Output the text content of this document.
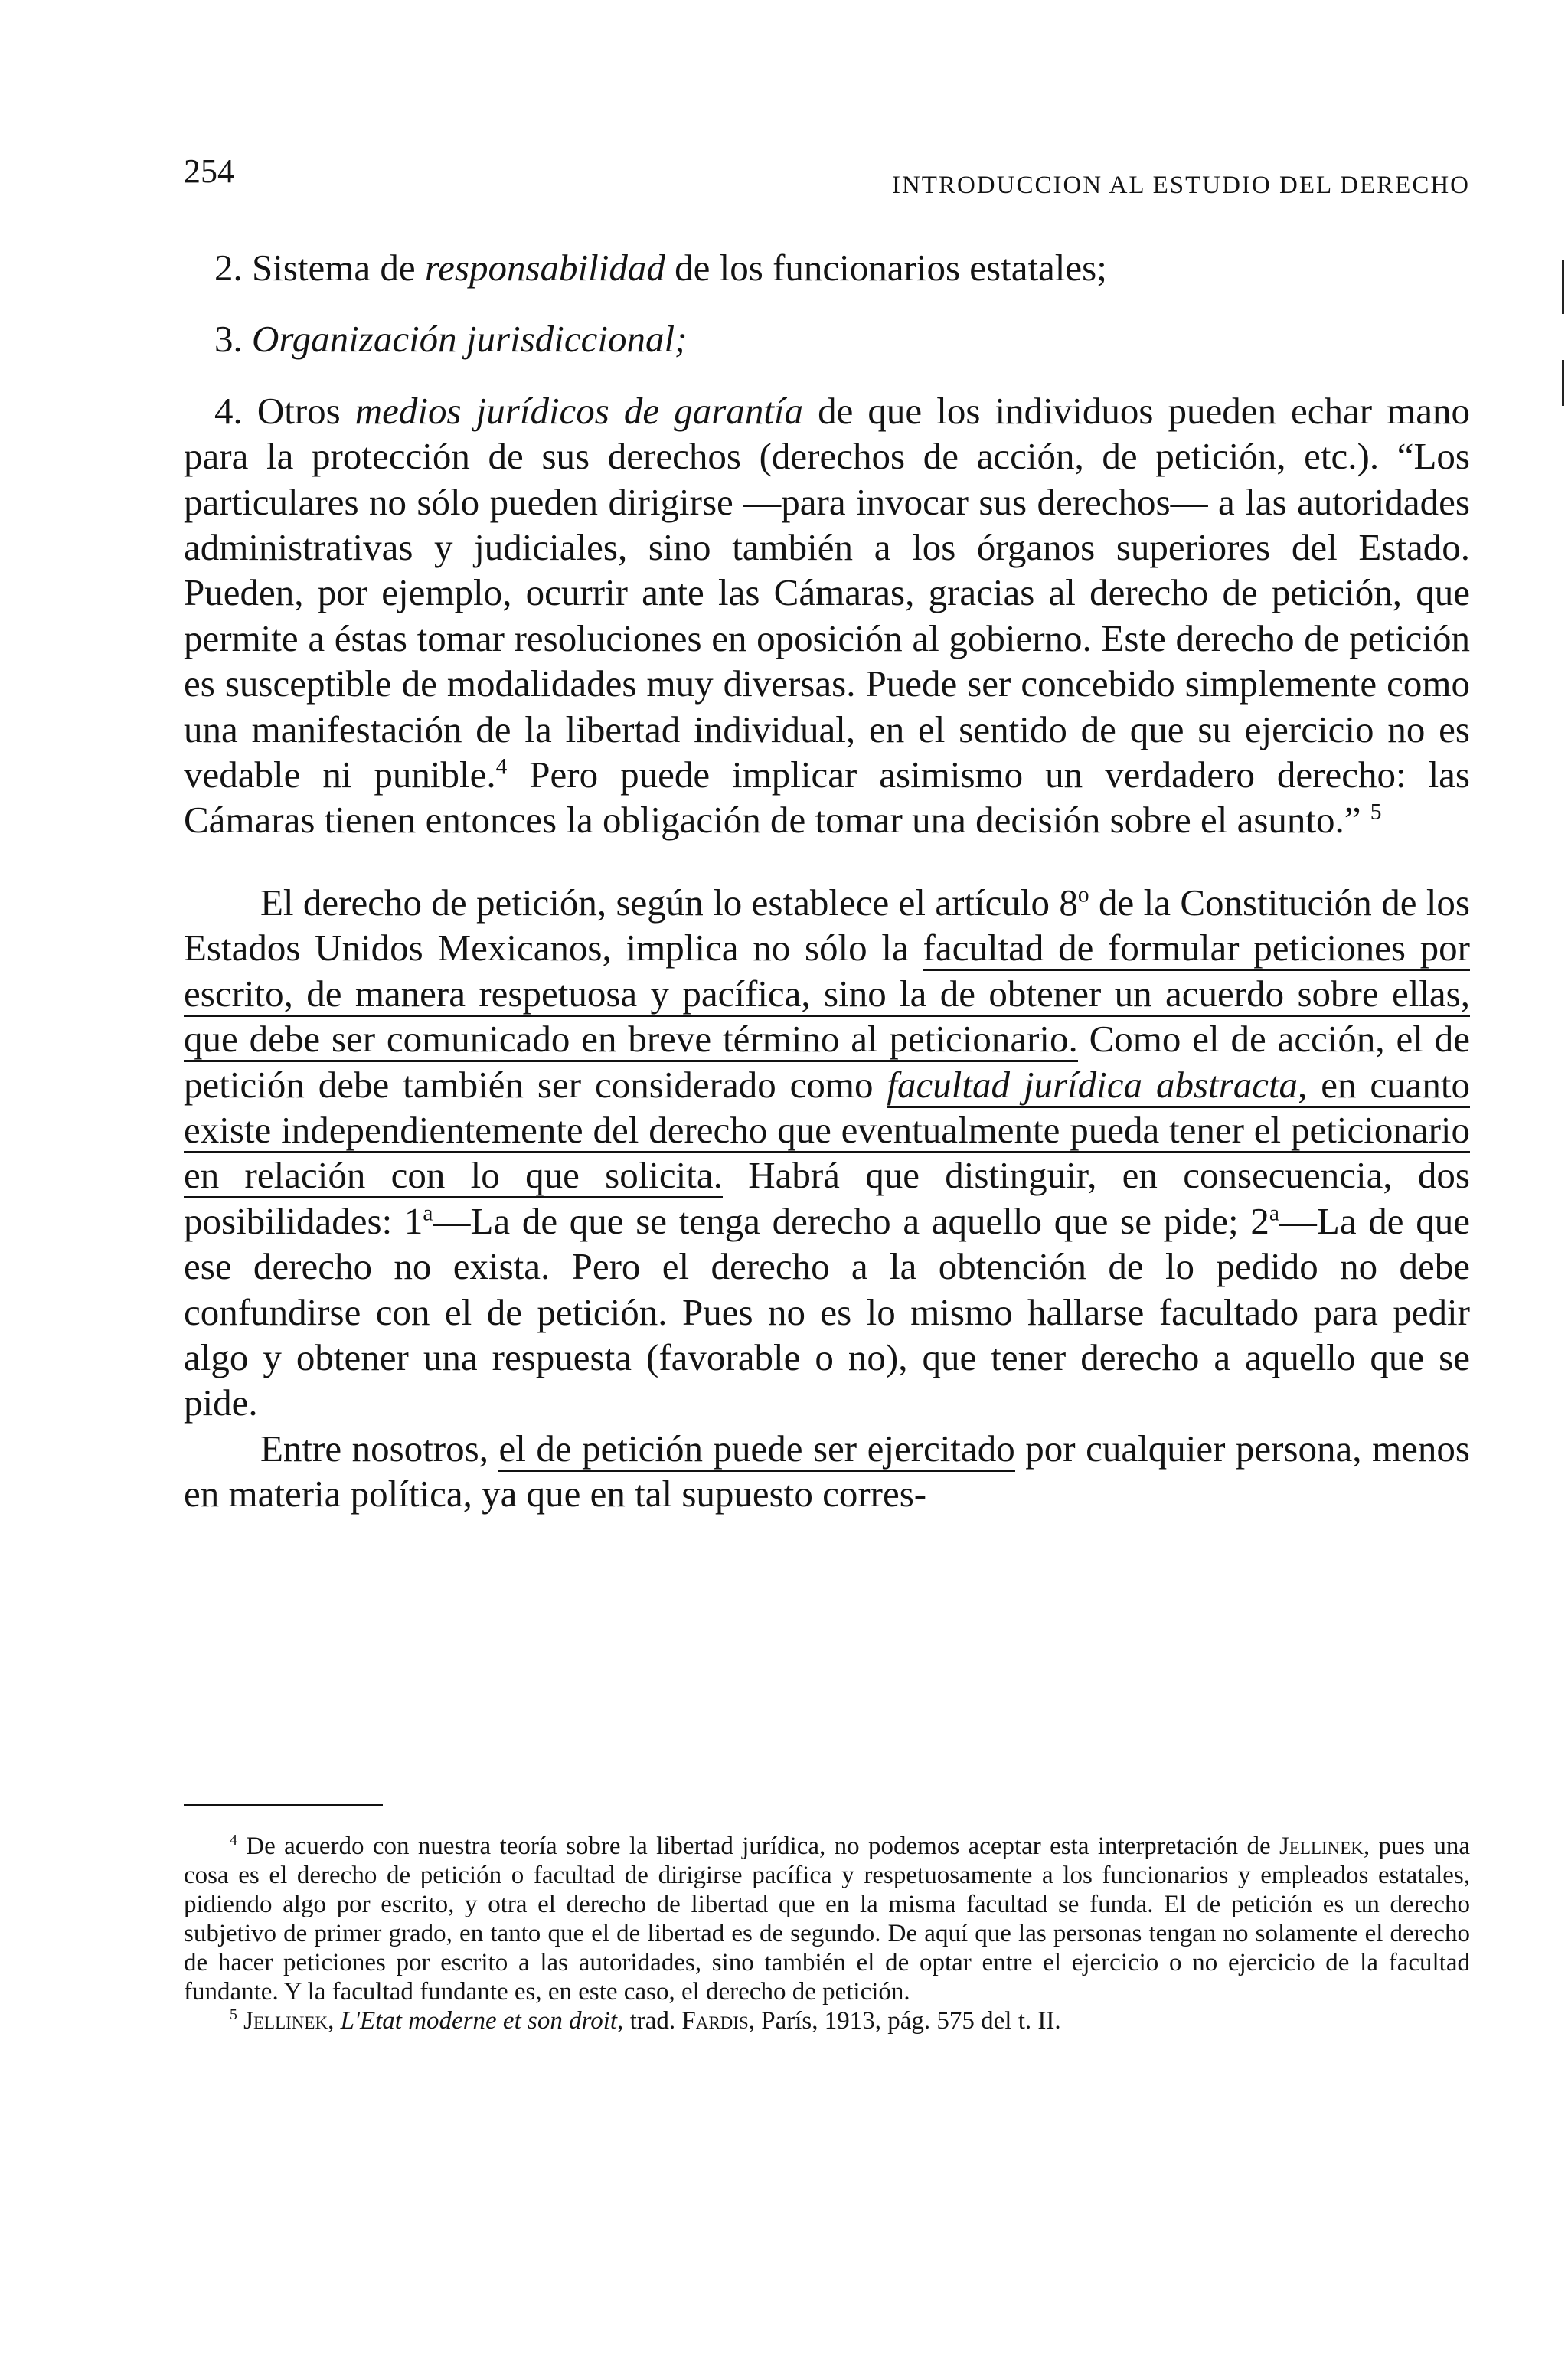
254	INTRODUCCION AL ESTUDIO DEL DERECHO

2. Sistema de responsabilidad de los funcionarios estatales;

3. Organización jurisdiccional;

4. Otros medios jurídicos de garantía de que los individuos pueden echar mano para la protección de sus derechos (derechos de acción, de petición, etc.). “Los particulares no sólo pueden dirigirse —para invocar sus derechos— a las autoridades administrativas y judiciales, sino también a los órganos superiores del Estado. Pueden, por ejemplo, ocurrir ante las Cámaras, gracias al derecho de petición, que permite a éstas tomar resoluciones en oposición al gobierno. Este derecho de petición es susceptible de modalidades muy diversas. Puede ser concebido simplemente como una manifestación de la libertad individual, en el sentido de que su ejercicio no es vedable ni punible.$^4$ Pero puede implicar asimismo un verdadero derecho: las Cámaras tienen entonces la obligación de tomar una decisión sobre el asunto.” $^5$

El derecho de petición, según lo establece el artículo 8$^o$ de la Constitución de los Estados Unidos Mexicanos, implica no sólo la facultad de formular peticiones por escrito, de manera respetuosa y pacífica, sino la de obtener un acuerdo sobre ellas, que debe ser comunicado en breve término al peticionario. Como el de acción, el de petición debe también ser considerado como facultad jurídica abstracta, en cuanto existe independientemente del derecho que eventualmente pueda tener el peticionario en relación con lo que solicita. Habrá que distinguir, en consecuencia, dos posibilidades: 1$^a$—La de que se tenga derecho a aquello que se pide; 2$^a$—La de que ese derecho no exista. Pero el derecho a la obtención de lo pedido no debe confundirse con el de petición. Pues no es lo mismo hallarse facultado para pedir algo y obtener una respuesta (favorable o no), que tener derecho a aquello que se pide.

Entre nosotros, el de petición puede ser ejercitado por cualquier persona, menos en materia política, ya que en tal supuesto corres-

$^4$ De acuerdo con nuestra teoría sobre la libertad jurídica, no podemos aceptar esta interpretación de Jellinek, pues una cosa es el derecho de petición o facultad de dirigirse pacífica y respetuosamente a los funcionarios y empleados estatales, pidiendo algo por escrito, y otra el derecho de libertad que en la misma facultad se funda. El de petición es un derecho subjetivo de primer grado, en tanto que el de libertad es de segundo. De aquí que las personas tengan no solamente el derecho de hacer peticiones por escrito a las autoridades, sino también el de optar entre el ejercicio o no ejercicio de la facultad fundante. Y la facultad fundante es, en este caso, el derecho de petición.

$^5$ Jellinek, L'Etat moderne et son droit, trad. Fardis, París, 1913, pág. 575 del t. II.
